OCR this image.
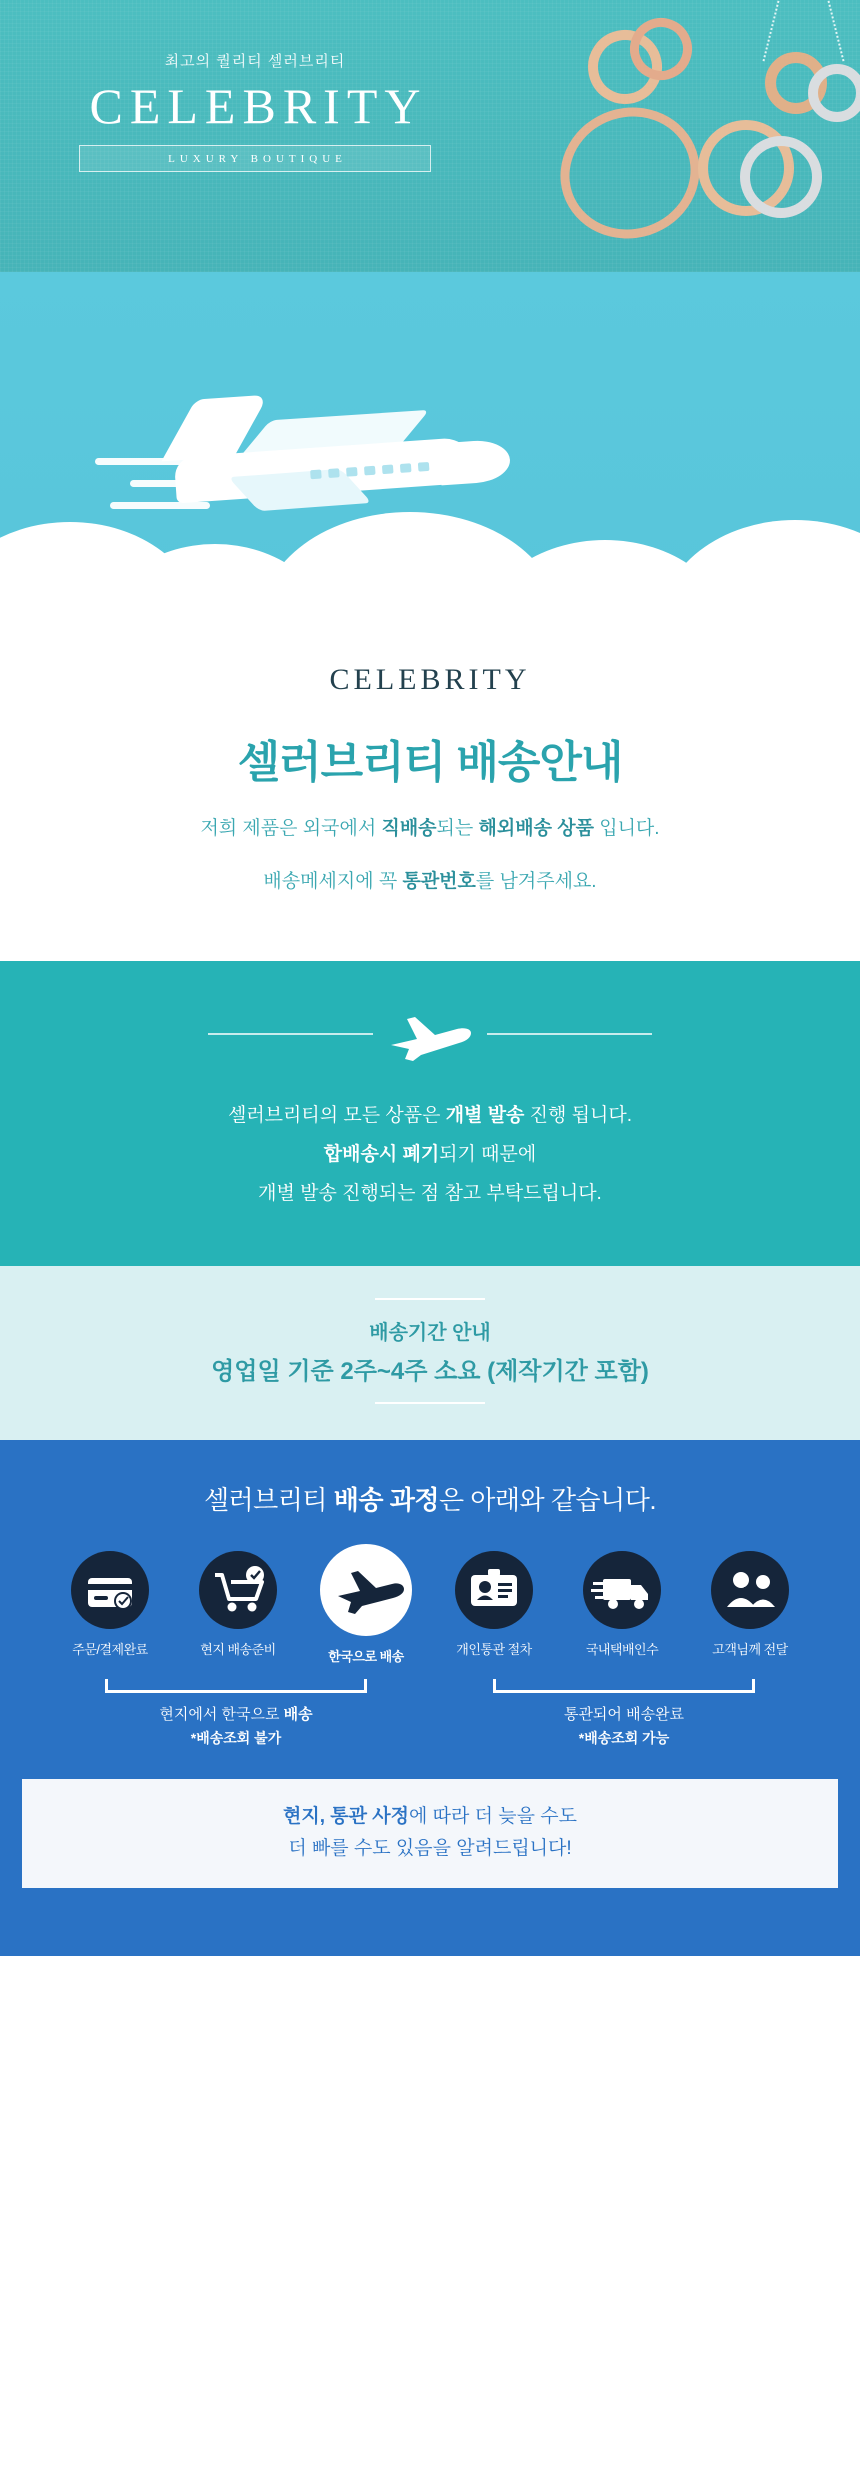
최고의 퀄리티 셀러브리티
CELEBRITY
LUXURY BOUTIQUE
CELEBRITY
셀러브리티 배송안내

저희 제품은 외국에서 직배송되는 해외배송 상품 입니다.

배송메세지에 꼭 통관번호를 남겨주세요.

셀러브리티의 모든 상품은 개별 발송 진행 됩니다.
합배송시 폐기되기 때문에
개별 발송 진행되는 점 참고 부탁드립니다.
배송기간 안내
영업일 기준 2주~4주 소요 (제작기간 포함)
셀러브리티 배송 과정은 아래와 같습니다.
주문/결제완료	현지 배송준비	한국으로 배송	개인통관 절차	국내택배인수	고객님께 전달
현지에서 한국으로 배송
*배송조회 불가
통관되어 배송완료
*배송조회 가능
현지, 통관 사정에 따라 더 늦을 수도
더 빠를 수도 있음을 알려드립니다!
